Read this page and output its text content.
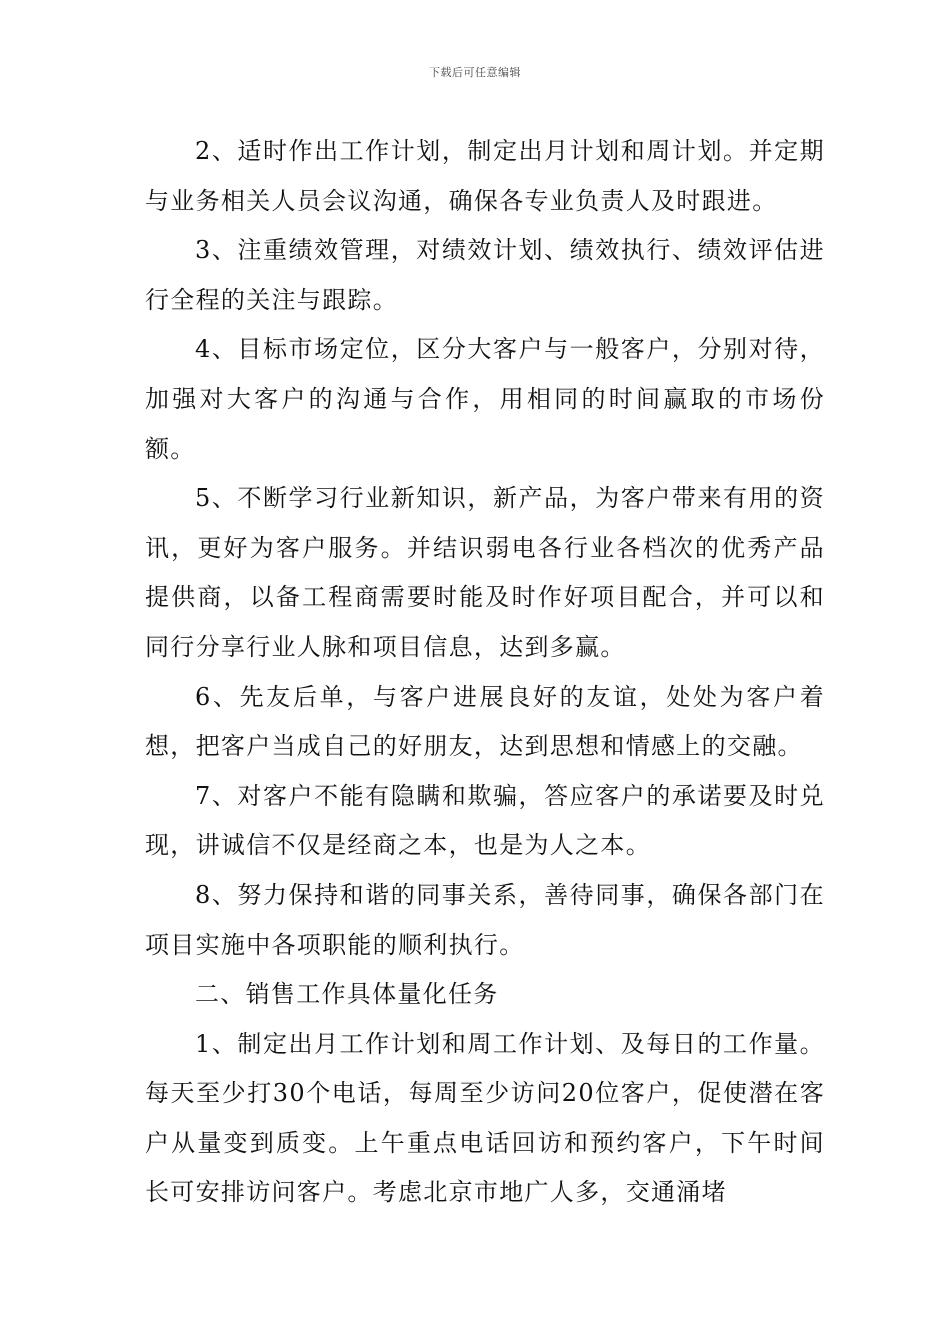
下载后可任意编辑

2、适时作出工作计划，制定出月计划和周计划。并定期与业务相关人员会议沟通，确保各专业负责人及时跟进。

3、注重绩效管理，对绩效计划、绩效执行、绩效评估进行全程的关注与跟踪。

4、目标市场定位，区分大客户与一般客户，分别对待，加强对大客户的沟通与合作，用相同的时间赢取的市场份额。

5、不断学习行业新知识，新产品，为客户带来有用的资讯，更好为客户服务。并结识弱电各行业各档次的优秀产品提供商，以备工程商需要时能及时作好项目配合，并可以和同行分享行业人脉和项目信息，达到多赢。

6、先友后单，与客户进展良好的友谊，处处为客户着想，把客户当成自己的好朋友，达到思想和情感上的交融。

7、对客户不能有隐瞒和欺骗，答应客户的承诺要及时兑现，讲诚信不仅是经商之本，也是为人之本。

8、努力保持和谐的同事关系，善待同事，确保各部门在项目实施中各项职能的顺利执行。

二、销售工作具体量化任务

1、制定出月工作计划和周工作计划、及每日的工作量。每天至少打30个电话，每周至少访问20位客户，促使潜在客户从量变到质变。上午重点电话回访和预约客户，下午时间长可安排访问客户。考虑北京市地广人多，交通涌堵
